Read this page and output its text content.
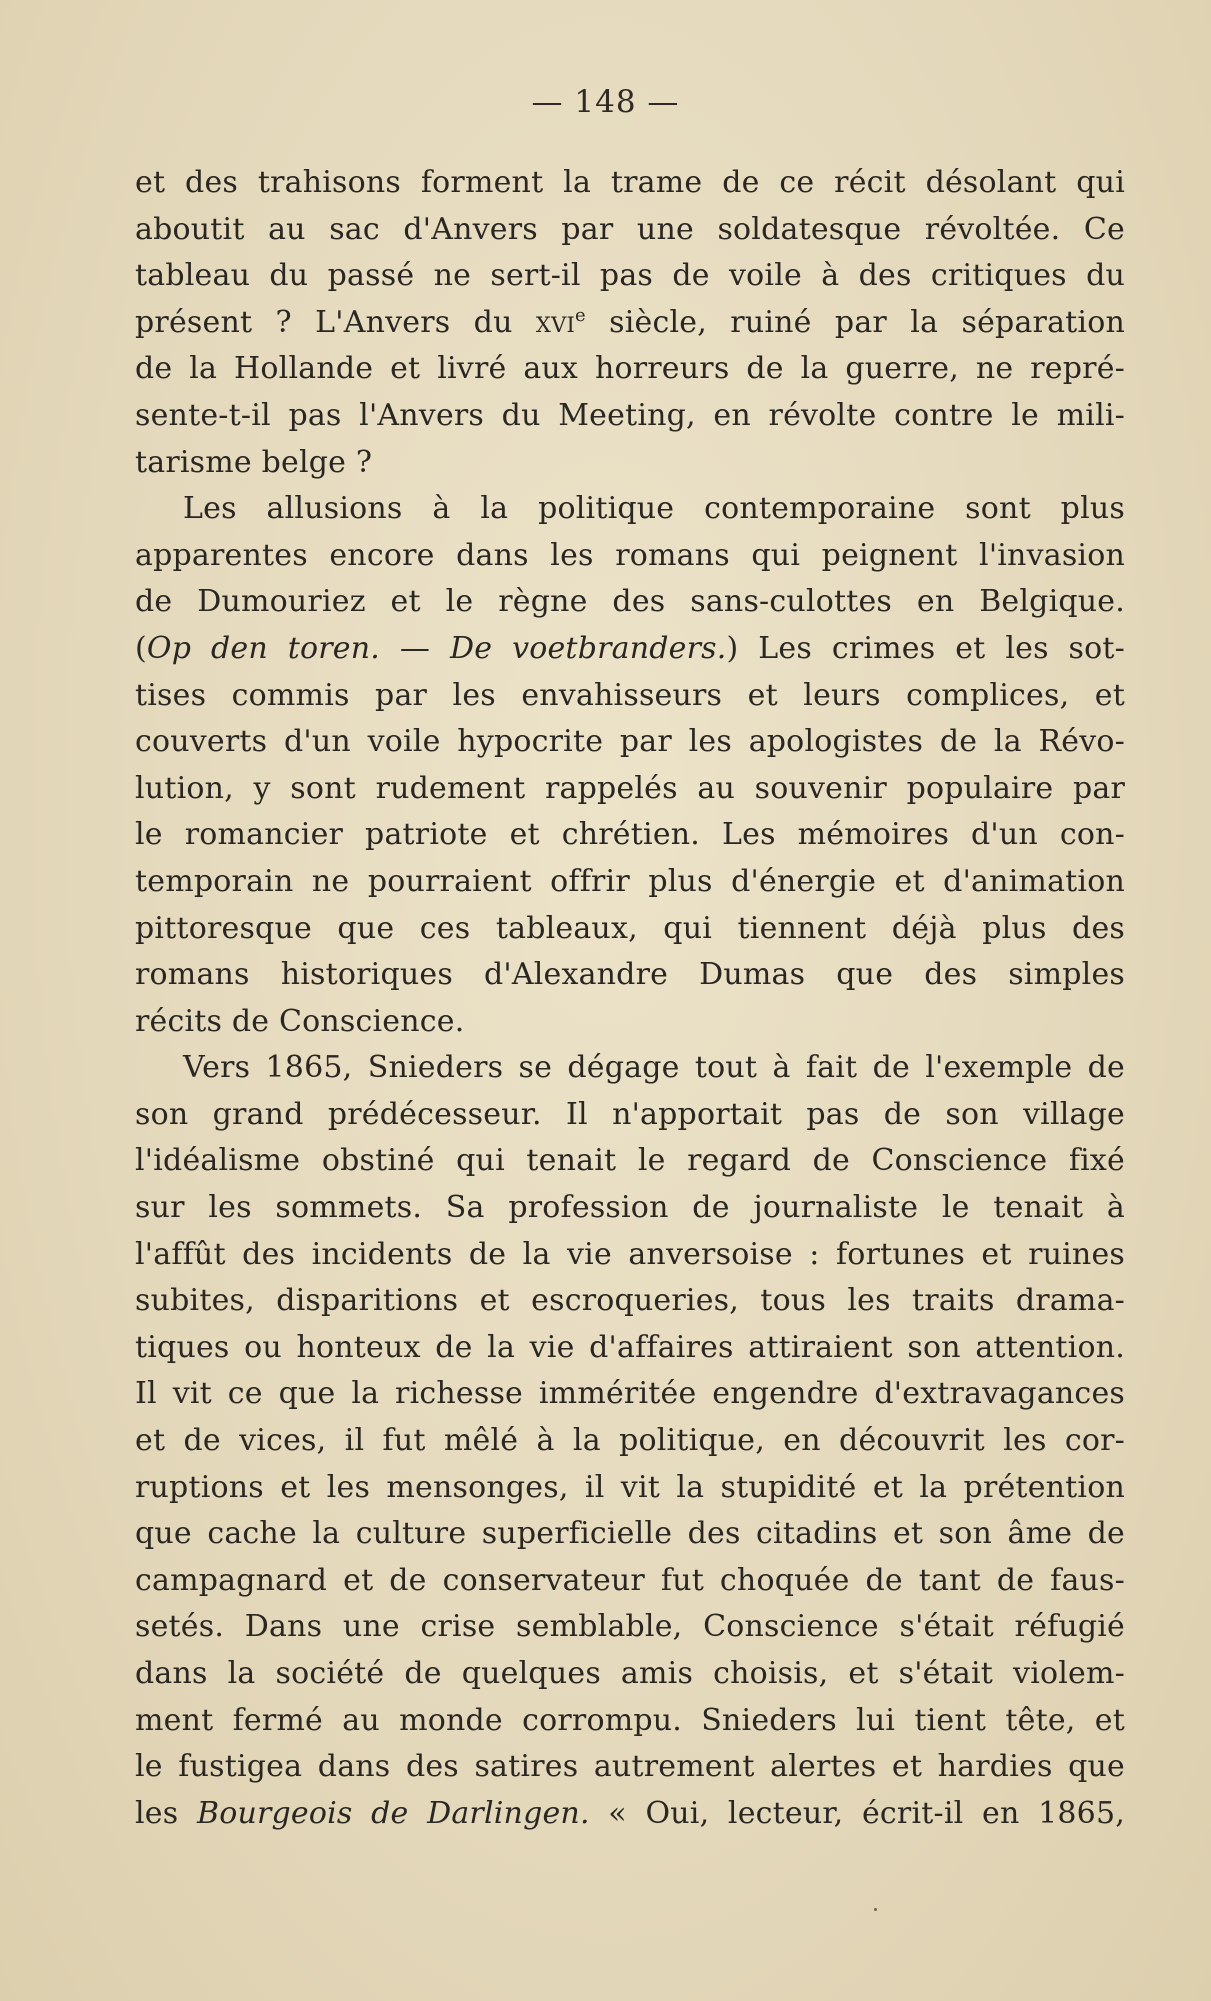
— 148 —
et des trahisons forment la trame de ce récit désolant qui
aboutit au sac d'Anvers par une soldatesque révoltée. Ce
tableau du passé ne sert-il pas de voile à des critiques du
présent ? L'Anvers du xvi$^e$ siècle, ruiné par la séparation
de la Hollande et livré aux horreurs de la guerre, ne repré-
sente-t-il pas l'Anvers du Meeting, en révolte contre le mili-
tarisme belge ?
Les allusions à la politique contemporaine sont plus
apparentes encore dans les romans qui peignent l'invasion
de Dumouriez et le règne des sans-culottes en Belgique.
(Op den toren. — De voetbranders.) Les crimes et les sot-
tises commis par les envahisseurs et leurs complices, et
couverts d'un voile hypocrite par les apologistes de la Révo-
lution, y sont rudement rappelés au souvenir populaire par
le romancier patriote et chrétien. Les mémoires d'un con-
temporain ne pourraient offrir plus d'énergie et d'animation
pittoresque que ces tableaux, qui tiennent déjà plus des
romans historiques d'Alexandre Dumas que des simples
récits de Conscience.
Vers 1865, Snieders se dégage tout à fait de l'exemple de
son grand prédécesseur. Il n'apportait pas de son village
l'idéalisme obstiné qui tenait le regard de Conscience fixé
sur les sommets. Sa profession de journaliste le tenait à
l'affût des incidents de la vie anversoise : fortunes et ruines
subites, disparitions et escroqueries, tous les traits drama-
tiques ou honteux de la vie d'affaires attiraient son attention.
Il vit ce que la richesse imméritée engendre d'extravagances
et de vices, il fut mêlé à la politique, en découvrit les cor-
ruptions et les mensonges, il vit la stupidité et la prétention
que cache la culture superficielle des citadins et son âme de
campagnard et de conservateur fut choquée de tant de faus-
setés. Dans une crise semblable, Conscience s'était réfugié
dans la société de quelques amis choisis, et s'était violem-
ment fermé au monde corrompu. Snieders lui tient tête, et
le fustigea dans des satires autrement alertes et hardies que
les Bourgeois de Darlingen. « Oui, lecteur, écrit-il en 1865,
